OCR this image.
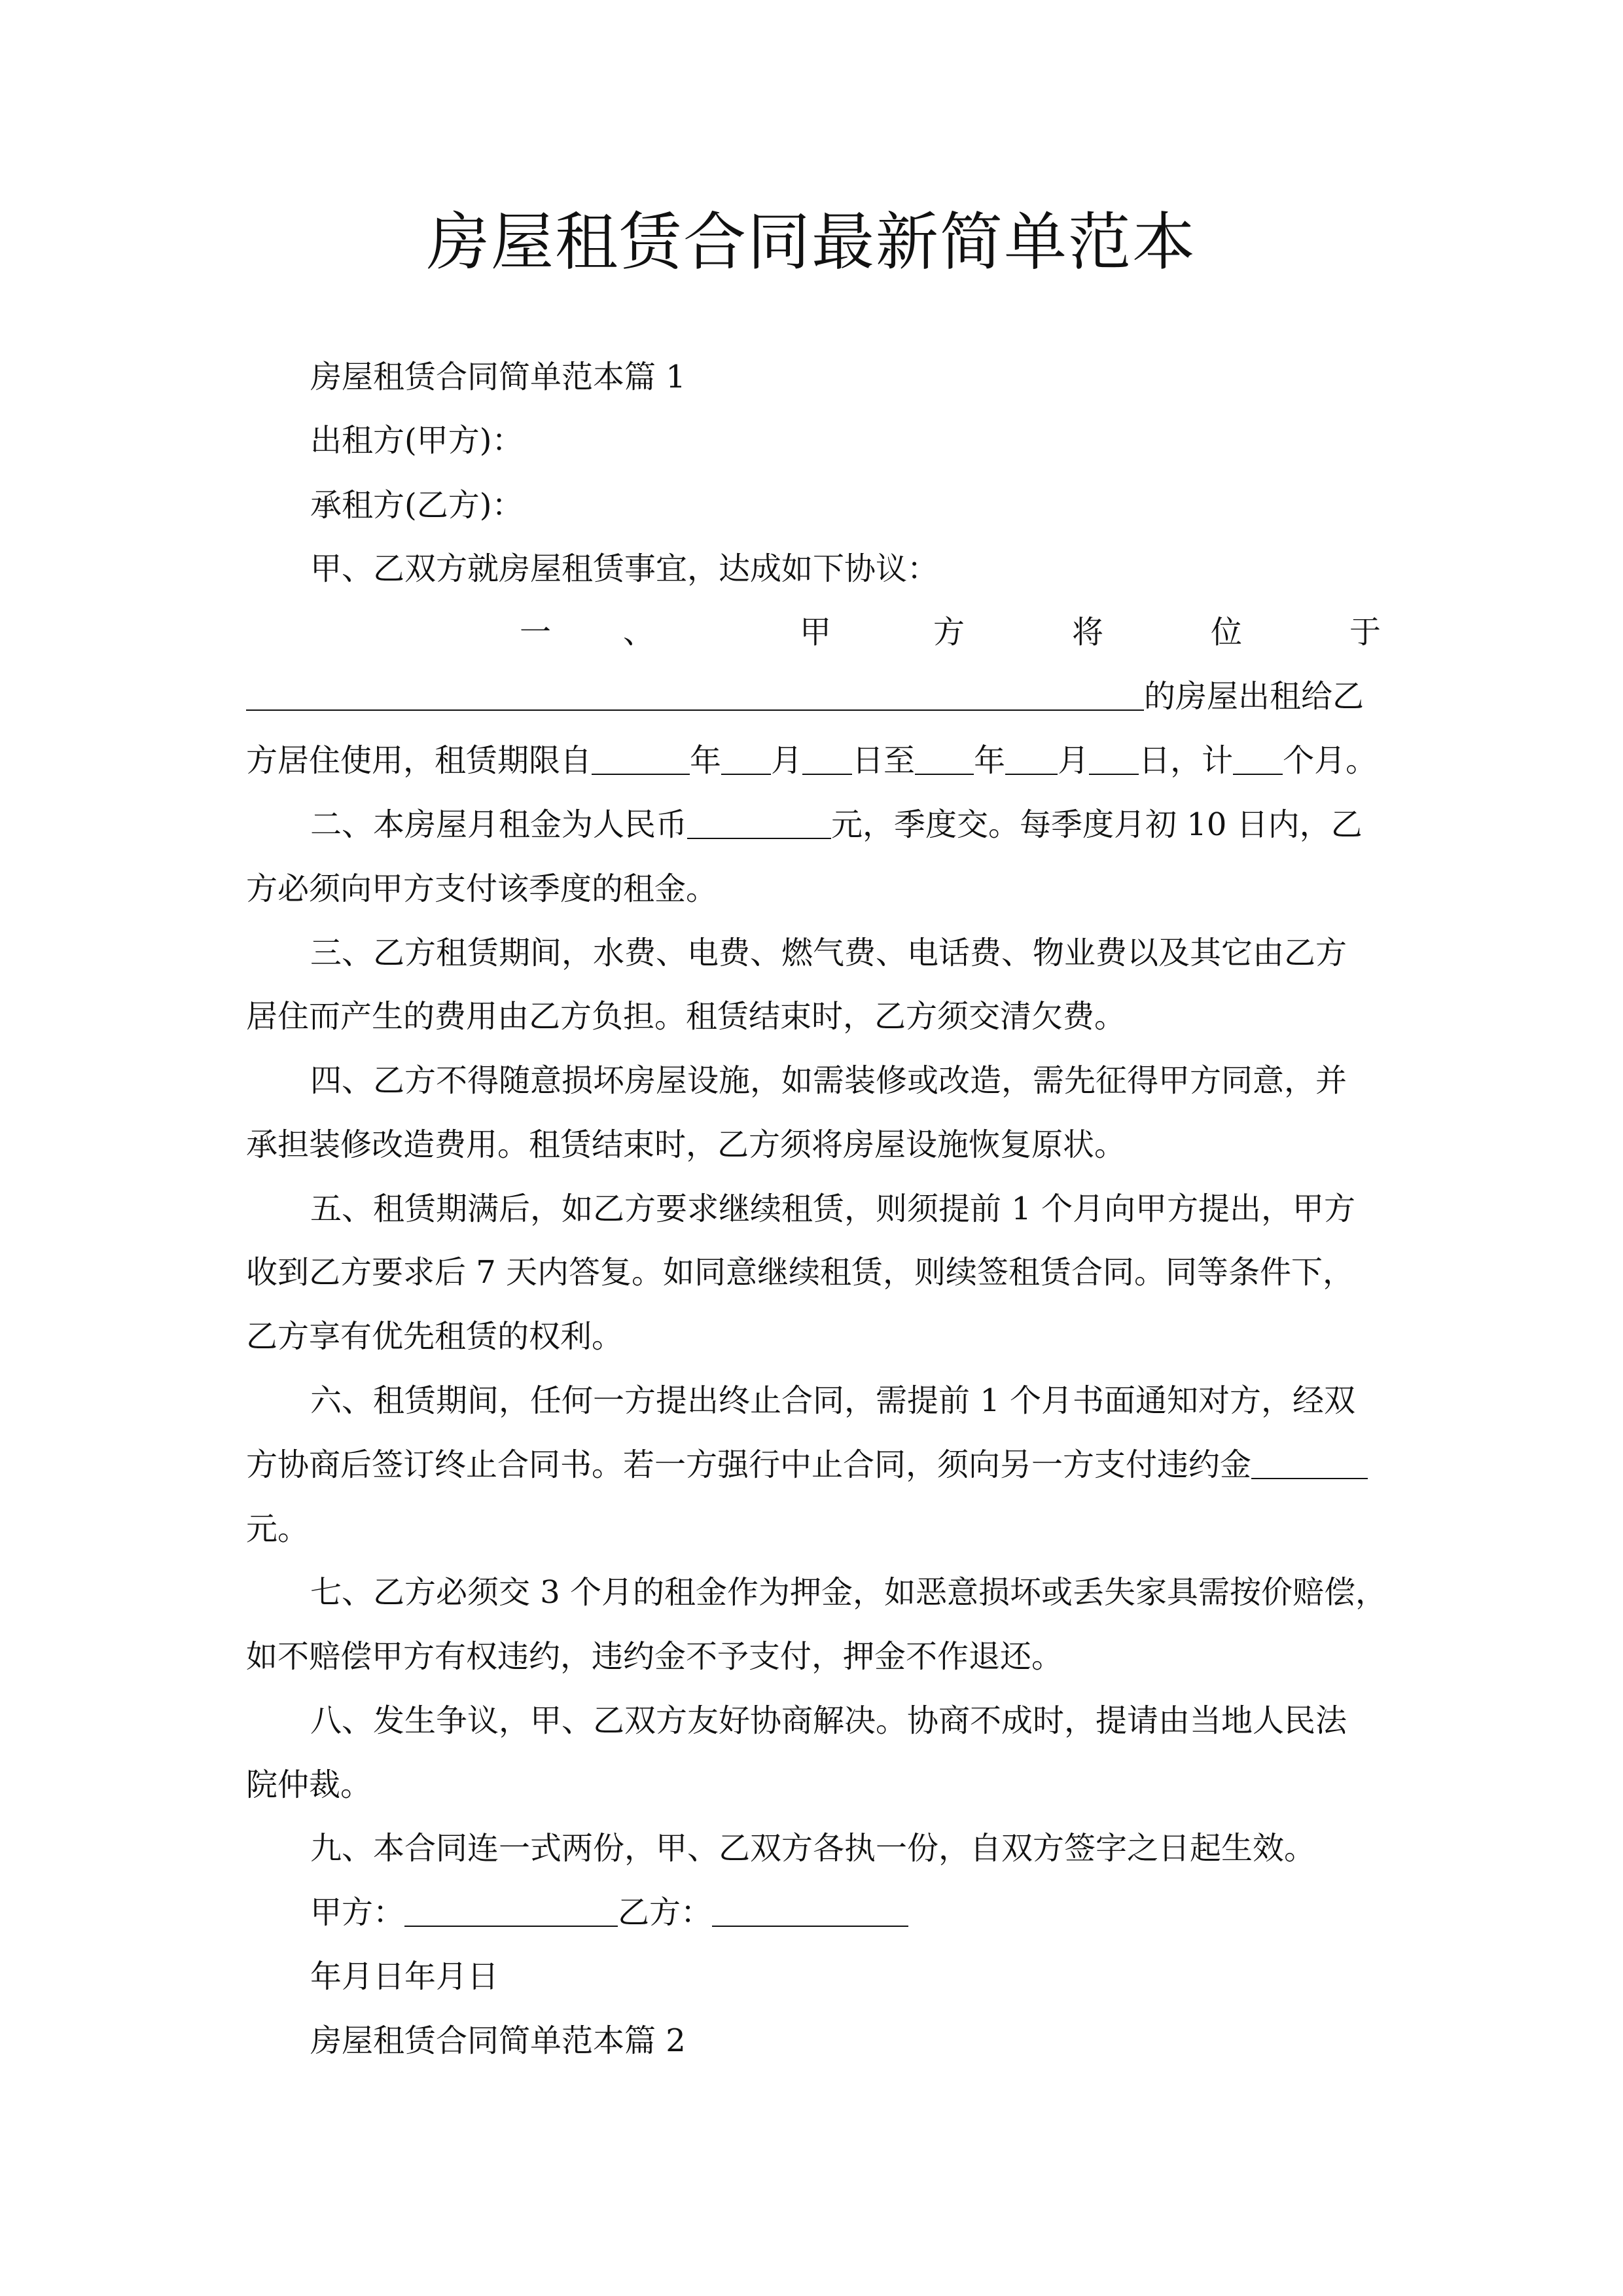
房屋租赁合同最新简单范本
房屋租赁合同简单范本篇 1
出租方(甲方)：
承租方(乙方)：
甲、乙双方就房屋租赁事宜，达成如下协议：
一 、	甲	方	将	位	于
的房屋出租给乙
方居住使用，租赁期限自	年 月 日至 年 月 日，计 个月。
二、本房屋月租金为人民币	元，季度交。每季度月初 10 日内，乙
方必须向甲方支付该季度的租金。
三、乙方租赁期间，水费、电费、燃气费、电话费、物业费以及其它由乙方
居住而产生的费用由乙方负担。租赁结束时，乙方须交清欠费。
四、乙方不得随意损坏房屋设施，如需装修或改造，需先征得甲方同意，并
承担装修改造费用。租赁结束时，乙方须将房屋设施恢复原状。
五、租赁期满后，如乙方要求继续租赁，则须提前 1 个月向甲方提出，甲方
收到乙方要求后 7 天内答复。如同意继续租赁，则续签租赁合同。同等条件下，
乙方享有优先租赁的权利。
六、租赁期间，任何一方提出终止合同，需提前 1 个月书面通知对方，经双
方协商后签订终止合同书。若一方强行中止合同，须向另一方支付违约金
元。
七、乙方必须交 3 个月的租金作为押金，如恶意损坏或丢失家具需按价赔偿，
如不赔偿甲方有权违约，违约金不予支付，押金不作退还。
八、发生争议，甲、乙双方友好协商解决。协商不成时，提请由当地人民法
院仲裁。
九、本合同连一式两份，甲、乙双方各执一份，自双方签字之日起生效。
甲方：	乙方：
年月日年月日
房屋租赁合同简单范本篇 2
